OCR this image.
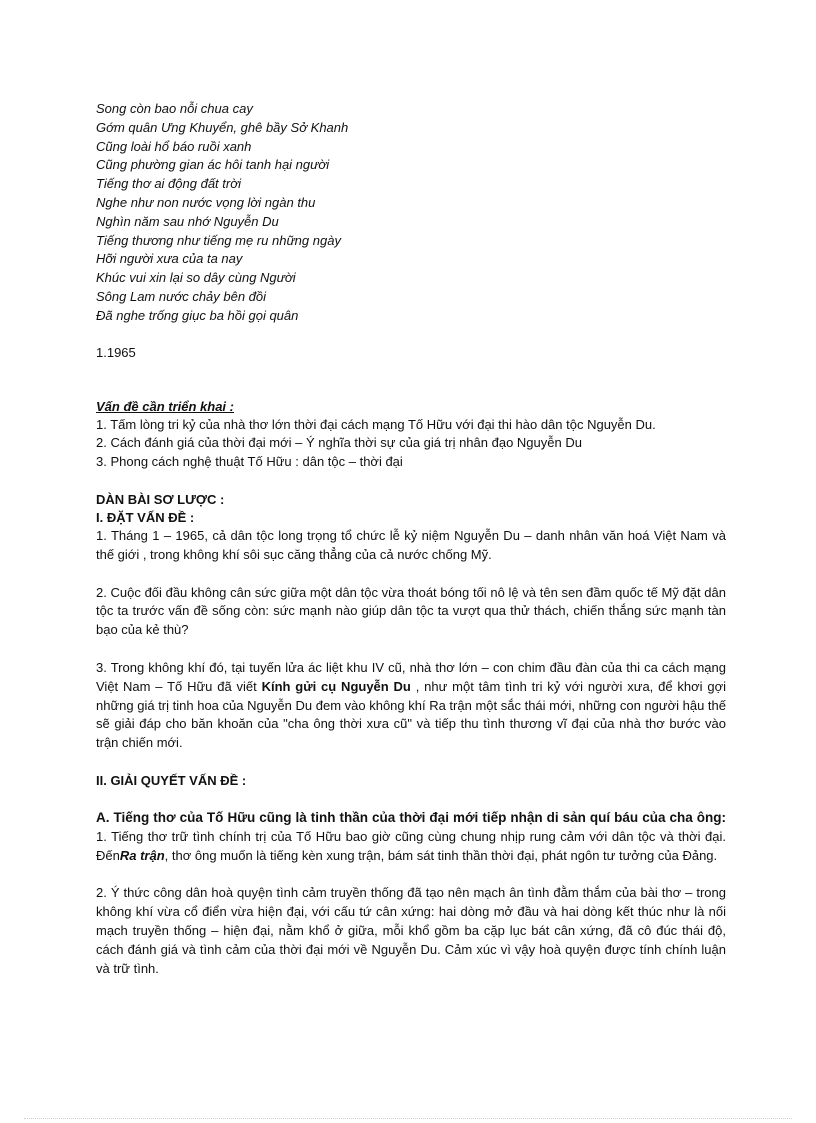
Song còn bao nỗi chua cay
Gớm quân Ưng Khuyển, ghê bầy Sở Khanh
Cũng loài hổ báo ruồi xanh
Cũng phường gian ác hôi tanh hại người
Tiếng thơ ai động đất trời
Nghe như non nước vọng lời ngàn thu
Nghìn năm sau nhớ Nguyễn Du
Tiếng thương như tiếng mẹ ru những ngày
Hỡi người xưa của ta nay
Khúc vui xin lại so dây cùng Người
Sông Lam nước chảy bên đồi
Đã nghe trống giục ba hồi gọi quân
1.1965
Vấn đề cần triển khai :
1. Tấm lòng tri kỷ của nhà thơ lớn thời đại cách mạng Tố Hữu với đại thi hào dân tộc Nguyễn Du.
2. Cách đánh giá của thời đại mới – Ý nghĩa thời sự của giá trị nhân đạo Nguyễn Du
3. Phong cách nghệ thuật Tố Hữu : dân tộc – thời đại
DÀN BÀI SƠ LƯỢC :
I. ĐẶT VẤN ĐỀ :

1. Tháng 1 – 1965, cả dân tộc long trọng tổ chức lễ kỷ niệm Nguyễn Du – danh nhân văn hoá Việt Nam và thế giới , trong không khí sôi sục căng thẳng của cả nước chống Mỹ.

2. Cuộc đối đầu không cân sức giữa một dân tộc vừa thoát bóng tối nô lệ và tên sen đầm quốc tế Mỹ đặt dân tộc ta trước vấn đề sống còn: sức mạnh nào giúp dân tộc ta vượt qua thử thách, chiến thắng sức mạnh tàn bạo của kẻ thù?

3. Trong không khí đó, tại tuyến lửa ác liệt khu IV cũ, nhà thơ lớn – con chim đầu đàn của thi ca cách mạng Việt Nam – Tố Hữu đã viết Kính gửi cụ Nguyễn Du , như một tâm tình tri kỷ với người xưa, để khơi gợi những giá trị tinh hoa của Nguyễn Du đem vào không khí Ra trận một sắc thái mới, những con người hậu thế sẽ giải đáp cho băn khoăn của "cha ông thời xưa cũ" và tiếp thu tình thương vĩ đại của nhà thơ bước vào trận chiến mới.

II. GIẢI QUYẾT VẤN ĐỀ :

A. Tiếng thơ của Tố Hữu cũng là tinh thần của thời đại mới tiếp nhận di sản quí báu của cha ông: 1. Tiếng thơ trữ tình chính trị của Tố Hữu bao giờ cũng cùng chung nhịp rung cảm với dân tộc và thời đại. ĐếnRa trận, thơ ông muốn là tiếng kèn xung trận, bám sát tinh thần thời đại, phát ngôn tư tưởng của Đảng.

2. Ý thức công dân hoà quyện tình cảm truyền thống đã tạo nên mạch ân tình đằm thắm của bài thơ – trong không khí vừa cổ điển vừa hiện đại, với cấu tứ cân xứng: hai dòng mở đầu và hai dòng kết thúc như là nối mạch truyền thống – hiện đại, nằm khổ ở giữa, mỗi khổ gồm ba cặp lục bát cân xứng, đã cô đúc thái độ, cách đánh giá và tình cảm của thời đại mới về Nguyễn Du. Cảm xúc vì vậy hoà quyện được tính chính luận và trữ tình.
